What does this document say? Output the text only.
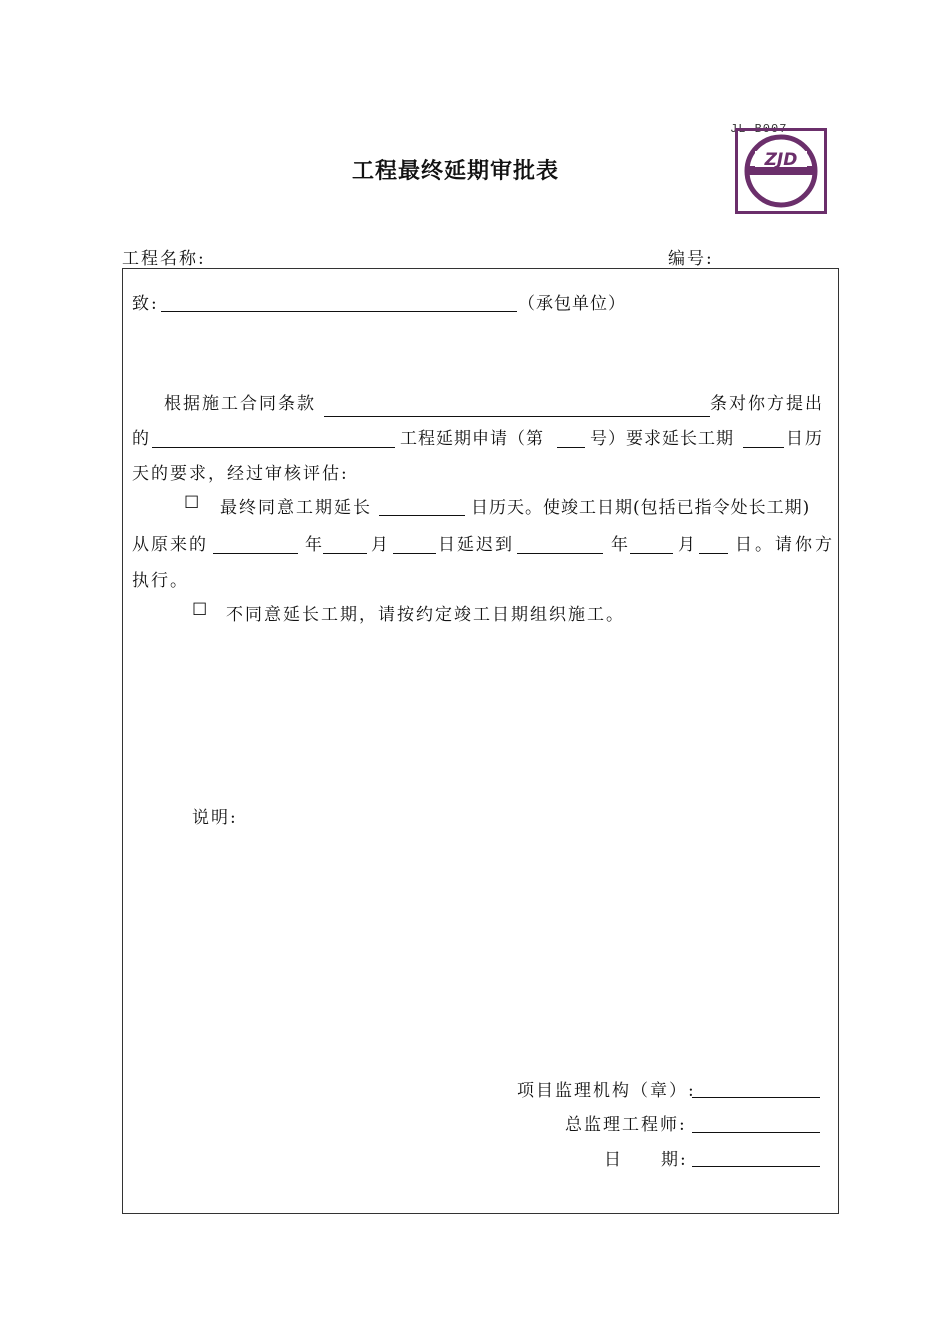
JL-B007
ZJD
工程最终延期审批表
工程名称:	编号:
致:	（承包单位）
根据施工合同条款	条对你方提出
的	工程延期申请（第	号）要求延长工期	日历
天的要求，经过审核评估:
☐ 最终同意工期延长	日历天。使竣工日期(包括已指令处长工期)
从原来的	年	月	日延迟到	年	月 日。请你方
执行。
☐ 不同意延长工期，请按约定竣工日期组织施工。
说明:
项目监理机构（章）:
总监理工程师:
日　　期:
